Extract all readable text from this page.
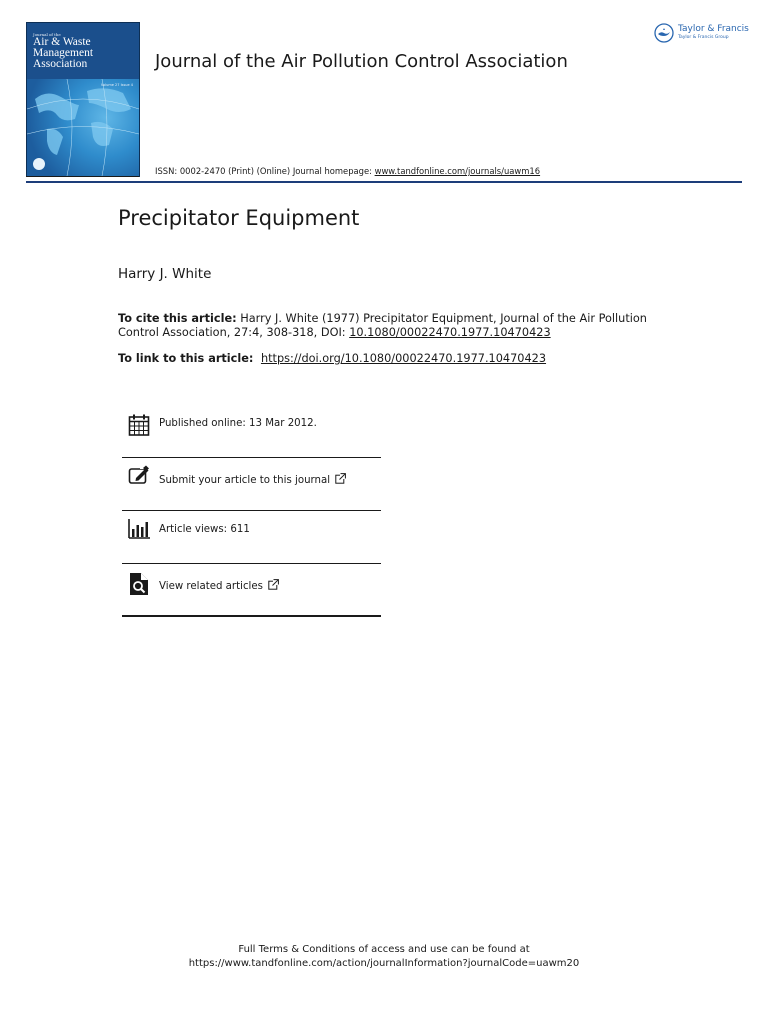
Journal of the
Air & Waste
Management
Association
Volume 27 Issue 4
Journal of the Air Pollution Control Association
ISSN: 0002-2470 (Print) (Online) Journal homepage: www.tandfonline.com/journals/uawm16
Taylor & Francis
Taylor & Francis Group
Precipitator Equipment
Harry J. White
To cite this article: Harry J. White (1977) Precipitator Equipment, Journal of the Air Pollution Control Association, 27:4, 308-318, DOI: 10.1080/00022470.1977.10470423
To link to this article:  https://doi.org/10.1080/00022470.1977.10470423
Published online: 13 Mar 2012.
Submit your article to this journal
Article views: 611
View related articles
Full Terms & Conditions of access and use can be found at
https://www.tandfonline.com/action/journalInformation?journalCode=uawm20
